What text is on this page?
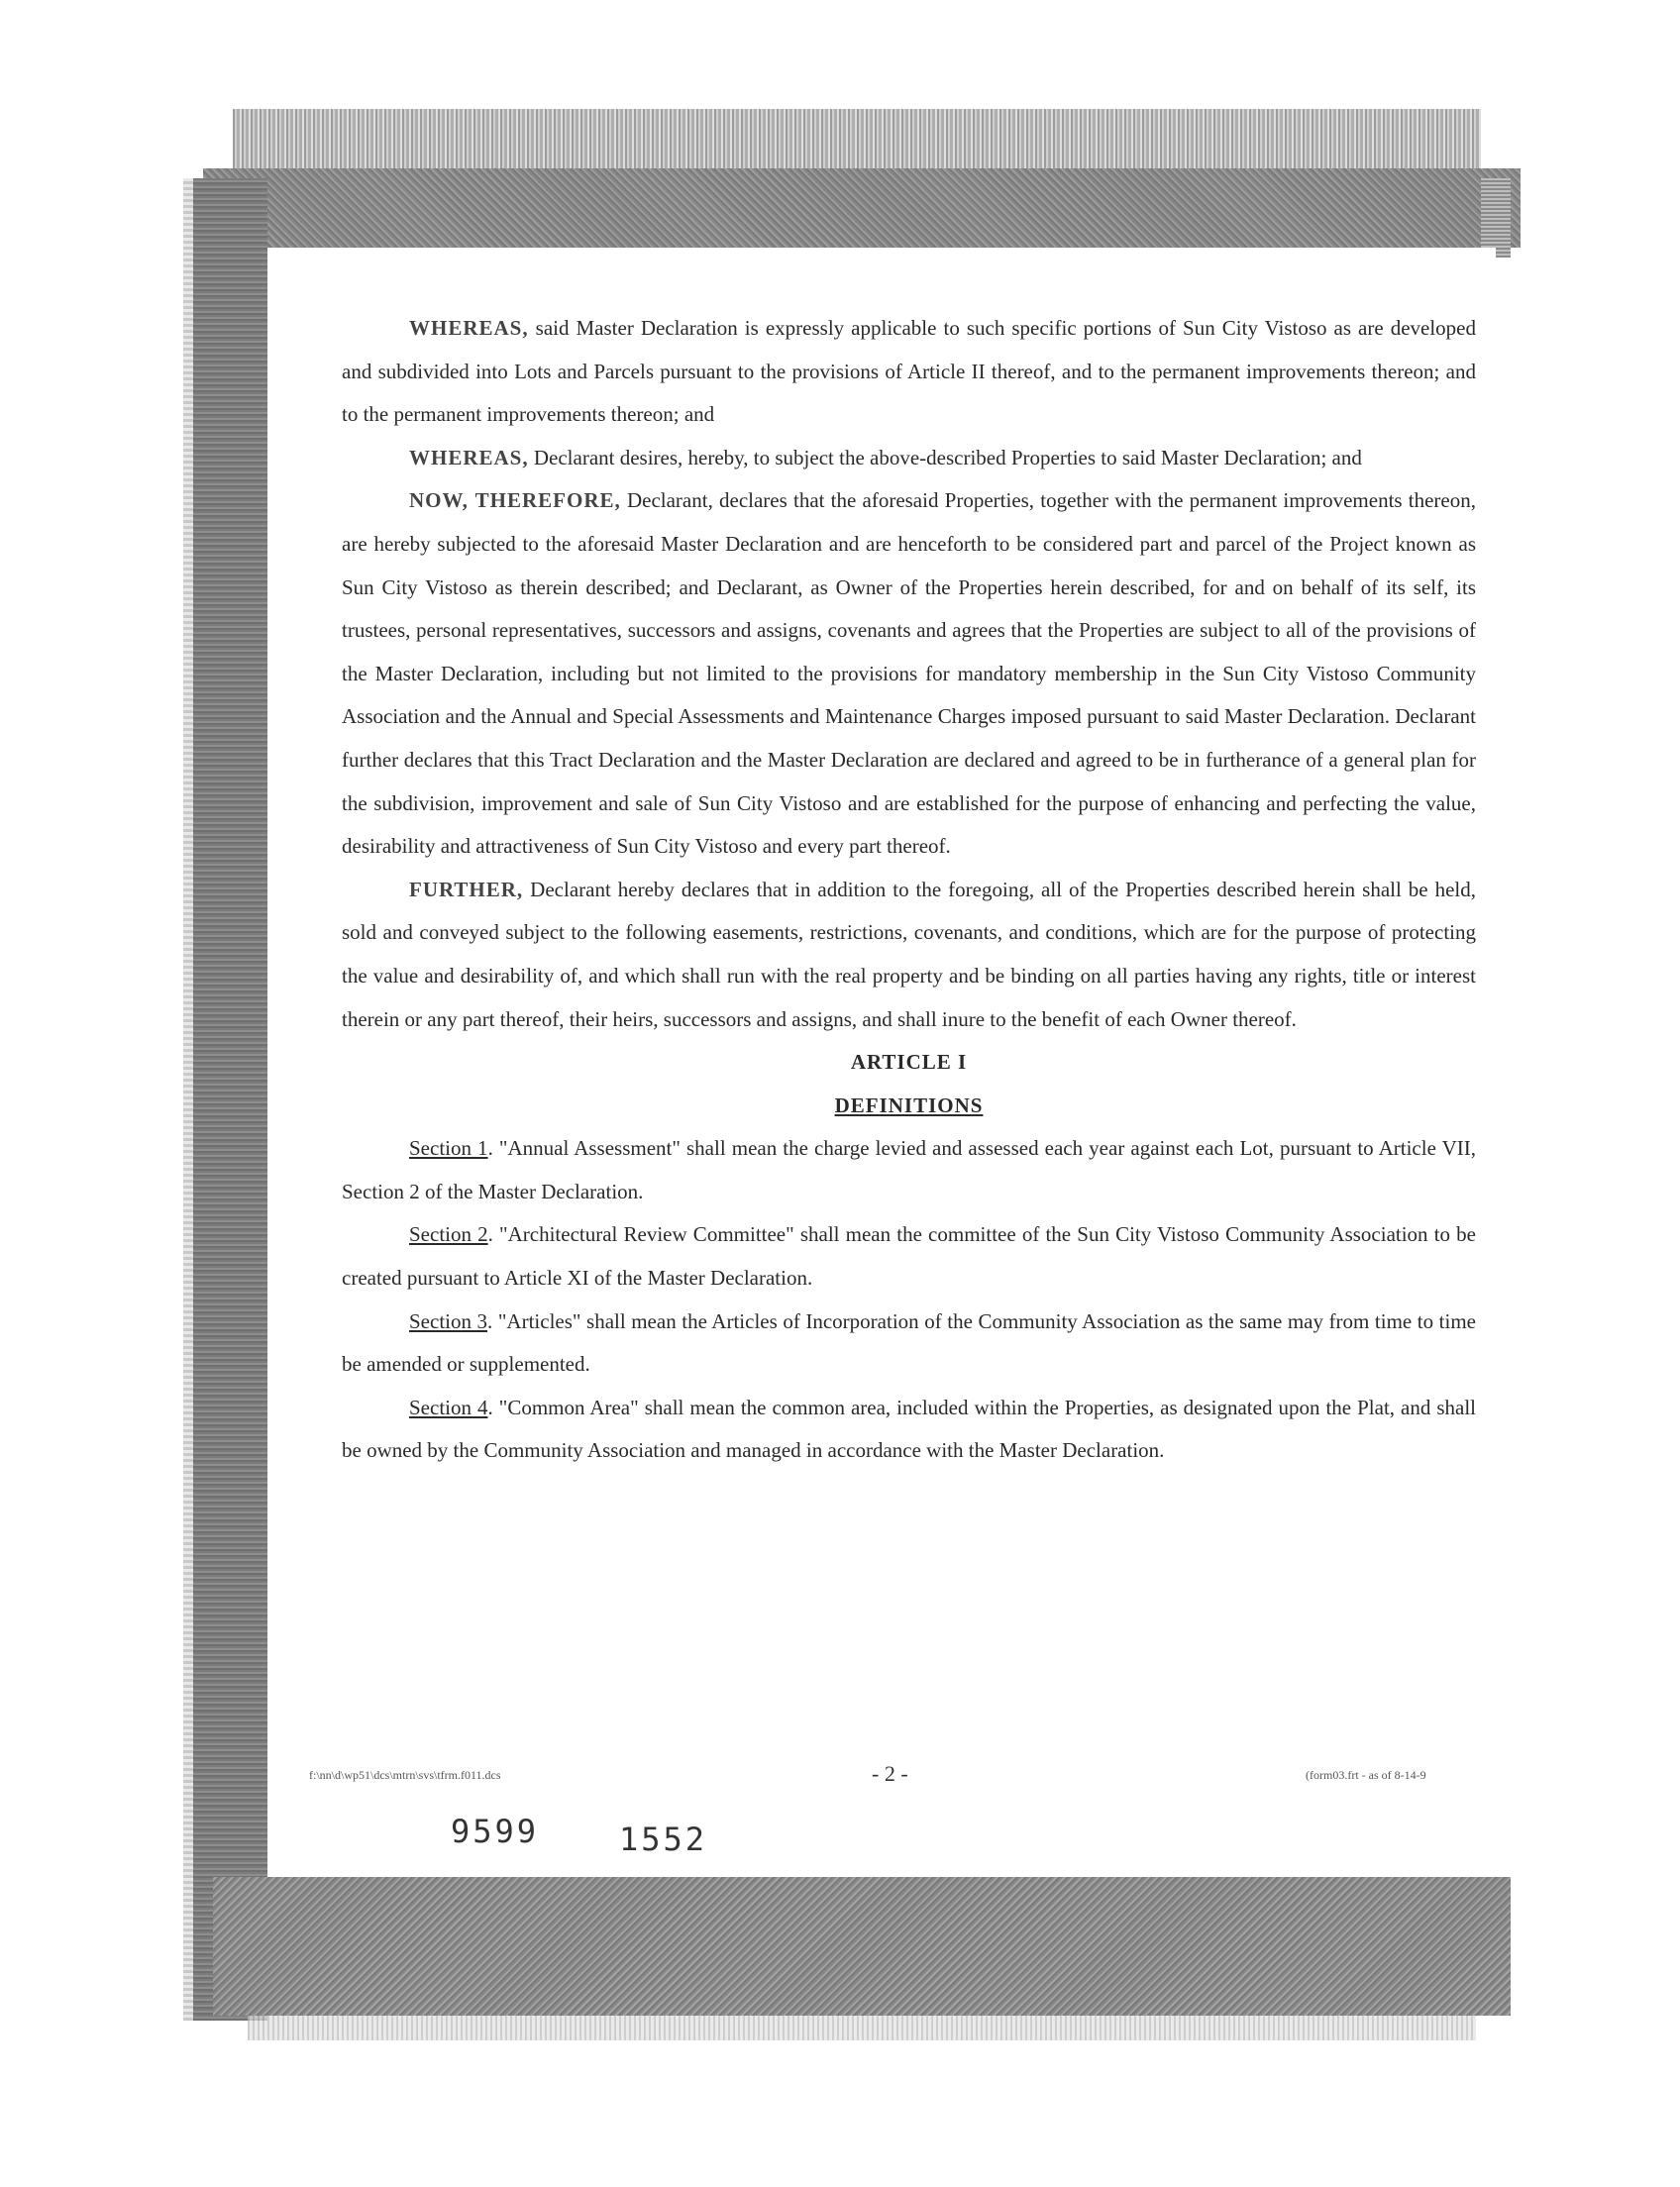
WHEREAS, said Master Declaration is expressly applicable to such specific portions of Sun City Vistoso as are developed and subdivided into Lots and Parcels pursuant to the provisions of Article II thereof, and to the permanent improvements thereon; and to the permanent improvements thereon; and

WHEREAS, Declarant desires, hereby, to subject the above-described Properties to said Master Declaration; and

NOW, THEREFORE, Declarant, declares that the aforesaid Properties, together with the permanent improvements thereon, are hereby subjected to the aforesaid Master Declaration and are henceforth to be considered part and parcel of the Project known as Sun City Vistoso as therein described; and Declarant, as Owner of the Properties herein described, for and on behalf of its self, its trustees, personal representatives, successors and assigns, covenants and agrees that the Properties are subject to all of the provisions of the Master Declaration, including but not limited to the provisions for mandatory membership in the Sun City Vistoso Community Association and the Annual and Special Assessments and Maintenance Charges imposed pursuant to said Master Declaration. Declarant further declares that this Tract Declaration and the Master Declaration are declared and agreed to be in furtherance of a general plan for the subdivision, improvement and sale of Sun City Vistoso and are established for the purpose of enhancing and perfecting the value, desirability and attractiveness of Sun City Vistoso and every part thereof.

FURTHER, Declarant hereby declares that in addition to the foregoing, all of the Properties described herein shall be held, sold and conveyed subject to the following easements, restrictions, covenants, and conditions, which are for the purpose of protecting the value and desirability of, and which shall run with the real property and be binding on all parties having any rights, title or interest therein or any part thereof, their heirs, successors and assigns, and shall inure to the benefit of each Owner thereof.

ARTICLE I

DEFINITIONS

Section 1. "Annual Assessment" shall mean the charge levied and assessed each year against each Lot, pursuant to Article VII, Section 2 of the Master Declaration.

Section 2. "Architectural Review Committee" shall mean the committee of the Sun City Vistoso Community Association to be created pursuant to Article XI of the Master Declaration.

Section 3. "Articles" shall mean the Articles of Incorporation of the Community Association as the same may from time to time be amended or supplemented.

Section 4. "Common Area" shall mean the common area, included within the Properties, as designated upon the Plat, and shall be owned by the Community Association and managed in accordance with the Master Declaration.

f:\nn\d\wp51\dcs\mtrn\svs\tfrm.f011.dcs	- 2 -	(form03.frt - as of 8-14-9
9599	1552
